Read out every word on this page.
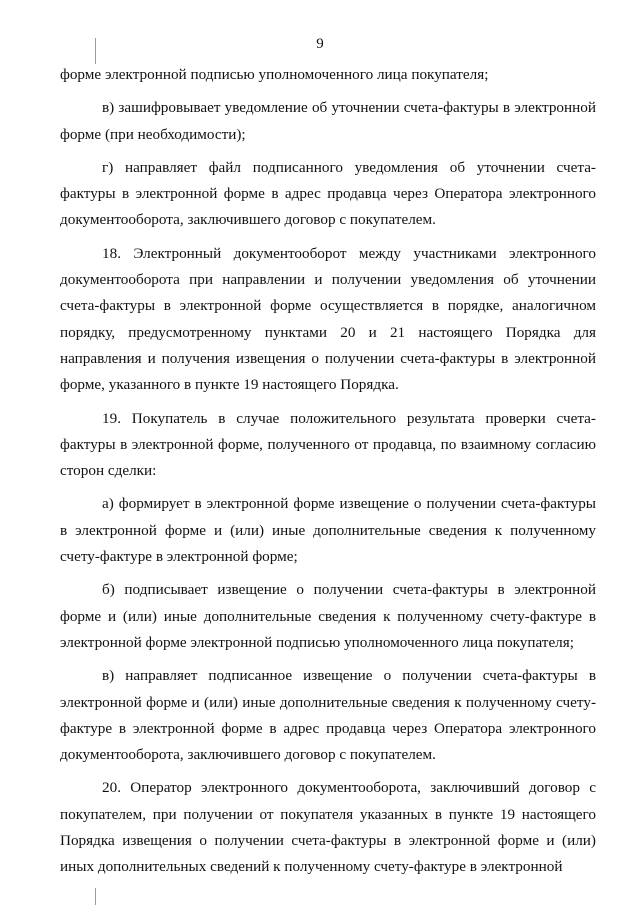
9

форме электронной подписью уполномоченного лица покупателя;

в) зашифровывает уведомление об уточнении счета-фактуры в электронной форме (при необходимости);

г) направляет файл подписанного уведомления об уточнении счета-фактуры в электронной форме в адрес продавца через Оператора электронного документооборота, заключившего договор с покупателем.

18. Электронный документооборот между участниками электронного документооборота при направлении и получении уведомления об уточнении счета-фактуры в электронной форме осуществляется в порядке, аналогичном порядку, предусмотренному пунктами 20 и 21 настоящего Порядка для направления и получения извещения о получении счета-фактуры в электронной форме, указанного в пункте 19 настоящего Порядка.

19. Покупатель в случае положительного результата проверки счета-фактуры в электронной форме, полученного от продавца, по взаимному согласию сторон сделки:

а) формирует в электронной форме извещение о получении счета-фактуры в электронной форме и (или) иные дополнительные сведения к полученному счету-фактуре в электронной форме;

б) подписывает извещение о получении счета-фактуры в электронной форме и (или) иные дополнительные сведения к полученному счету-фактуре в электронной форме электронной подписью уполномоченного лица покупателя;

в) направляет подписанное извещение о получении счета-фактуры в электронной форме и (или) иные дополнительные сведения к полученному счету-фактуре в электронной форме в адрес продавца через Оператора электронного документооборота, заключившего договор с покупателем.

20. Оператор электронного документооборота, заключивший договор с покупателем, при получении от покупателя указанных в пункте 19 настоящего Порядка извещения о получении счета-фактуры в электронной форме и (или) иных дополнительных сведений к полученному счету-фактуре в электронной
